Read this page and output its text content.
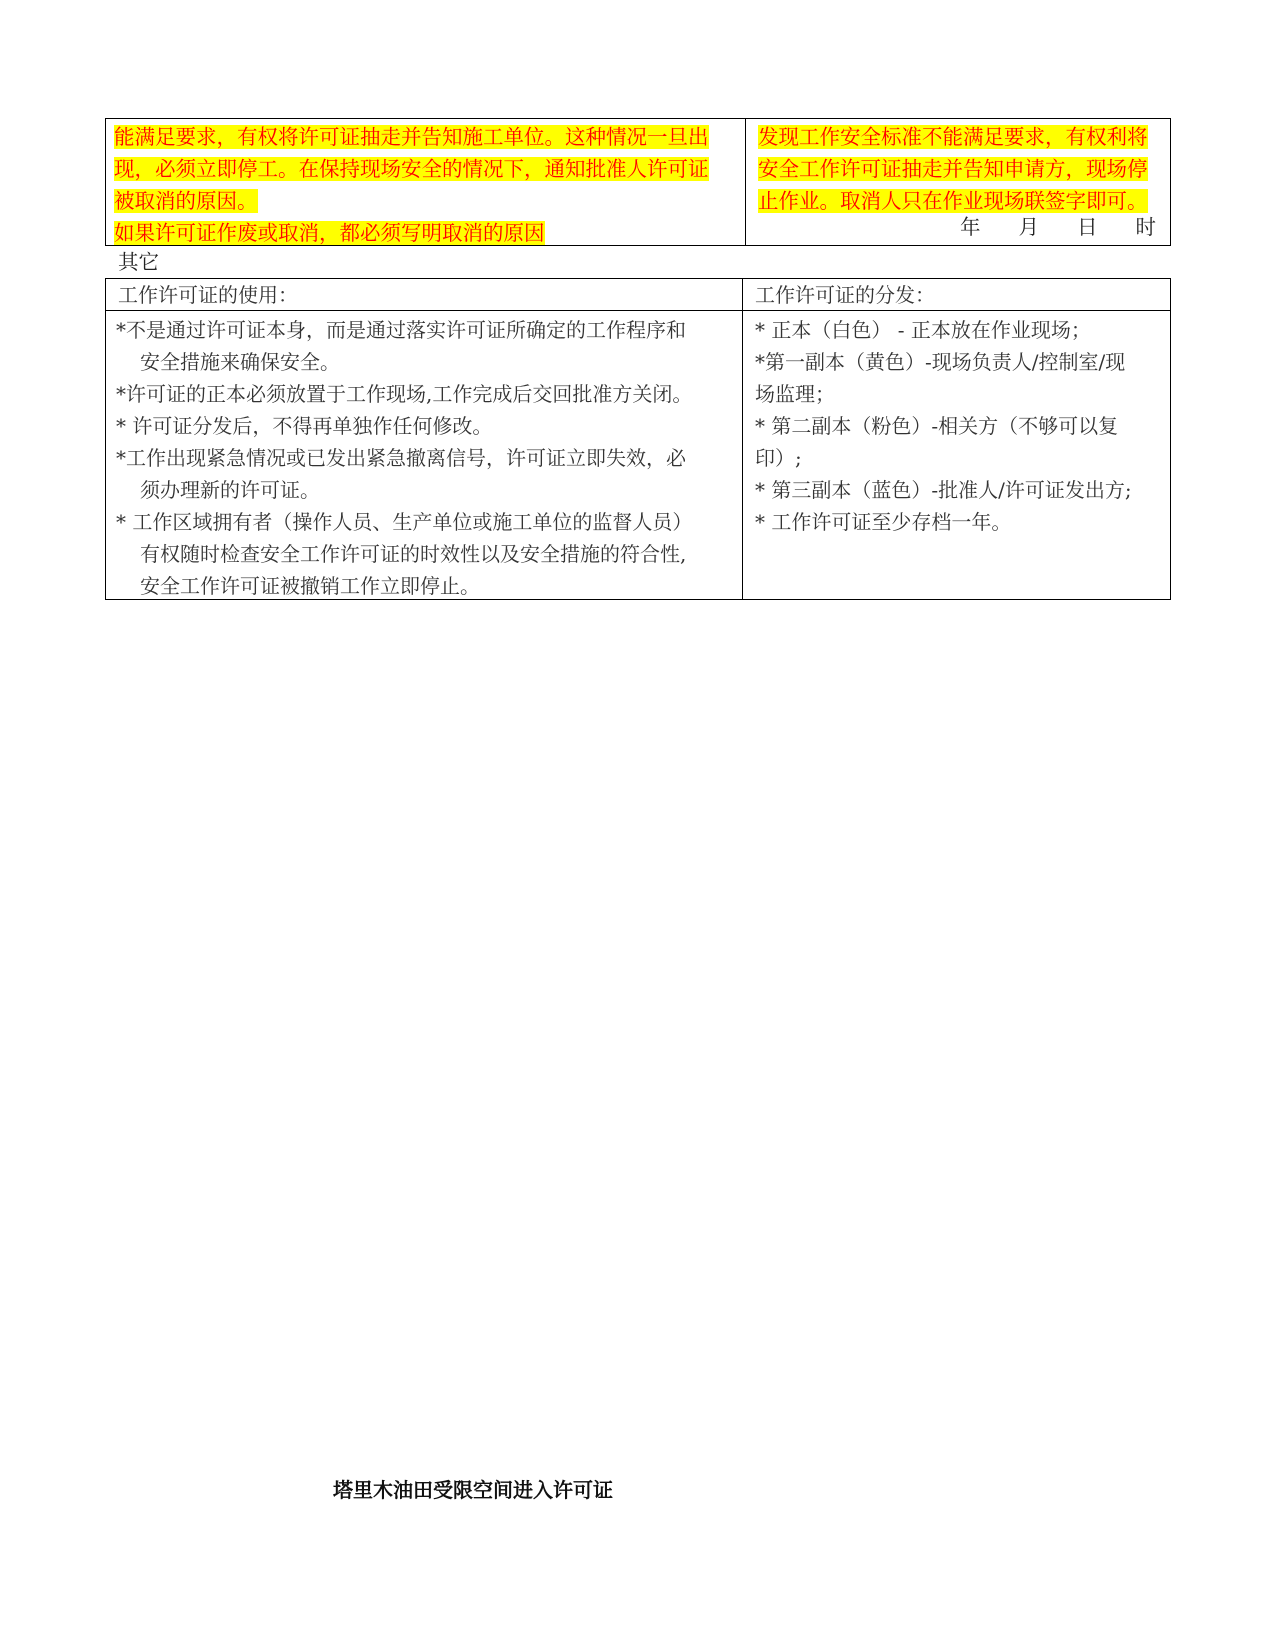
能满足要求，有权将许可证抽走并告知施工单位。这种情况一旦出
现，必须立即停工。在保持现场安全的情况下，通知批准人许可证
被取消的原因。
如果许可证作废或取消，都必须写明取消的原因
发现工作安全标准不能满足要求，有权利将
安全工作许可证抽走并告知申请方，现场停
止作业。取消人只在作业现场联签字即可。
年 月 日 时
其它
工作许可证的使用：

*不是通过许可证本身，而是通过落实许可证所确定的工作程序和
安全措施来确保安全。

*许可证的正本必须放置于工作现场,工作完成后交回批准方关闭。

* 许可证分发后，不得再单独作任何修改。

*工作出现紧急情况或已发出紧急撤离信号，许可证立即失效，必
须办理新的许可证。

* 工作区域拥有者（操作人员、生产单位或施工单位的监督人员）
有权随时检查安全工作许可证的时效性以及安全措施的符合性,
安全工作许可证被撤销工作立即停止。

工作许可证的分发：
* 正本（白色） - 正本放在作业现场；
*第一副本（黄色）-现场负责人/控制室/现
场监理；
* 第二副本（粉色）-相关方（不够可以复
印）;
* 第三副本（蓝色）-批准人/许可证发出方;
* 工作许可证至少存档一年。
塔里木油田受限空间进入许可证
